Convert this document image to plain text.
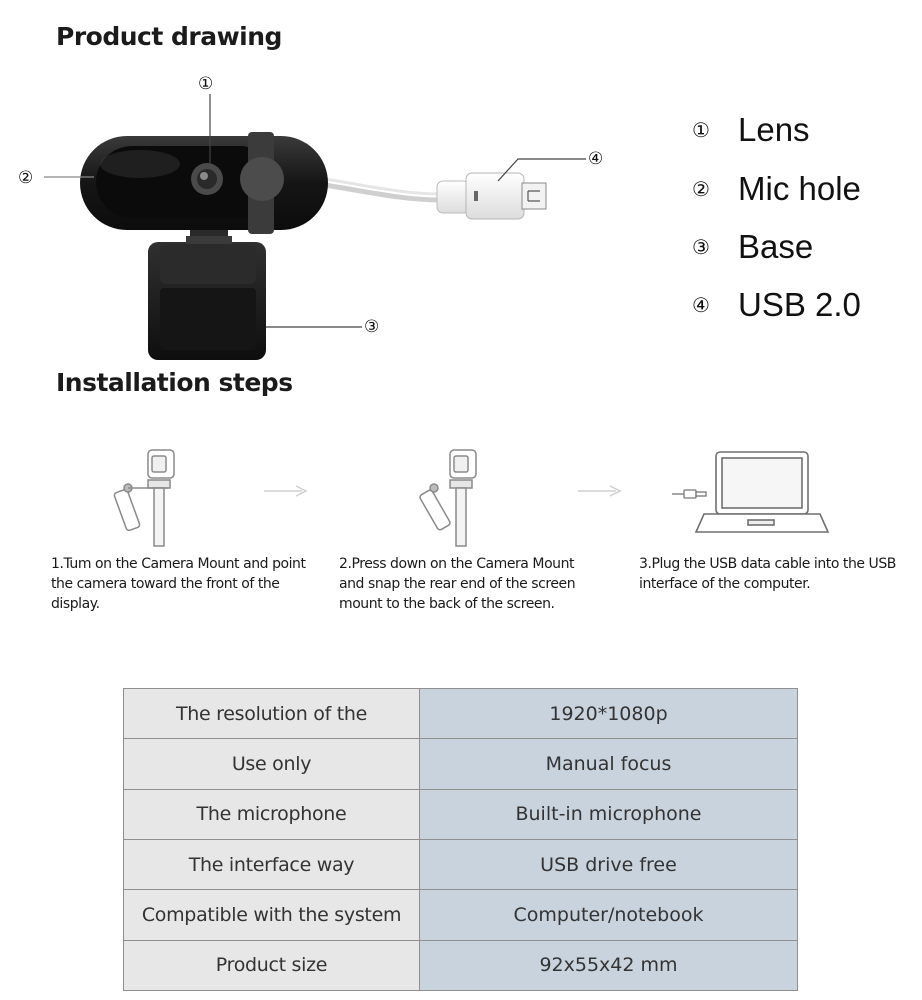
Product drawing
①
②
③
④
① Lens
② Mic hole
③ Base
④ USB 2.0
Installation steps
1.Tum on the Camera Mount and point the camera toward the front of the display.
2.Press down on the Camera Mount and snap the rear end of the screen mount to the back of the screen.
3.Plug the USB data cable into the USB interface of the computer.
The resolution of the	1920*1080p
Use only	Manual focus
The microphone	Built-in microphone
The interface way	USB drive free
Compatible with the system	Computer/notebook
Product size	92x55x42 mm
